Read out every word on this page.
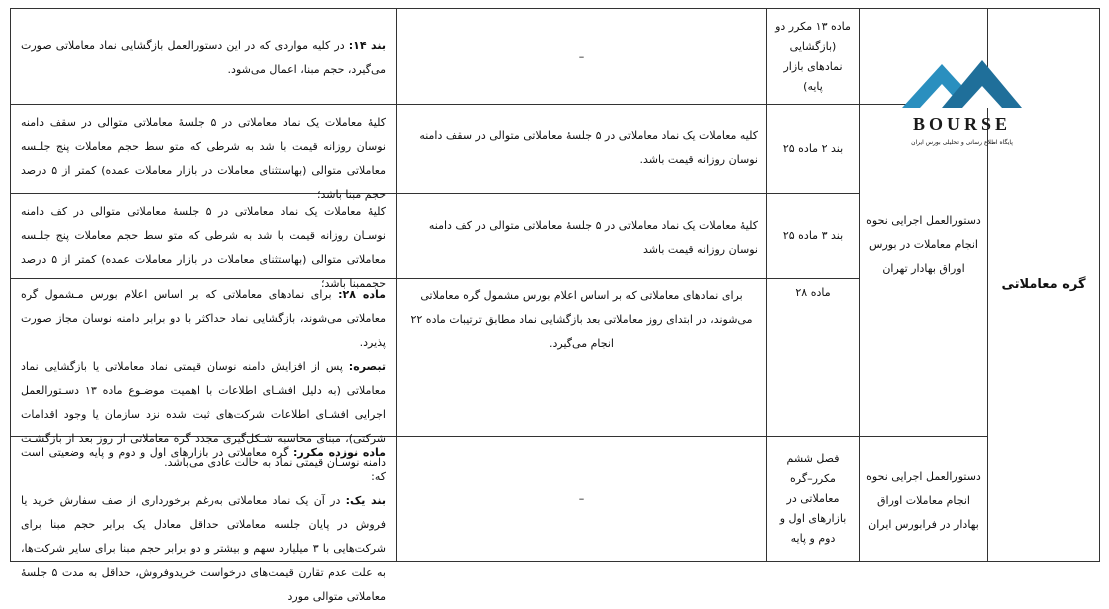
گره معاملاتی
BOURSE
پایگاه اطلاع رسانی و تحلیلی بورس ایران
دستورالعمل اجرایی نحوه انجام معاملات در بورس اوراق بهادار تهران
دستورالعمل اجرایی نحوه انجام معاملات اوراق بهادار در فرابورس ایران
ماده ۱۳ مکرر دو (بازگشایی نمادهای بازار پایه)
–

بند ۱۴: در کلیه مواردی که در این دستورالعمل بازگشایی نماد معاملاتی صورت می‌گیرد، حجم مبنا، اعمال می‌شود.

بند ۲ ماده ۲۵
کلیه معاملات یک نماد معاملاتی در ۵ جلسۀ معاملاتی متوالی در سقف دامنه نوسان روزانه قیمت باشد.
کلیهٔ معاملات یک نماد معاملاتی در ۵ جلسۀ معاملاتی متوالی در سقف دامنه نوسان روزانه قیمت با شد به شرطی که متو سط حجم معاملات پنج جلـسه معاملاتی متوالی (بهاستثنای معاملات در بازار معاملات عمده) کمتر از ۵ درصد حجم مبنا باشد؛
بند ۳ ماده ۲۵
کلیهٔ معاملات یک نماد معاملاتی در ۵ جلسۀ معاملاتی متوالی در کف دامنه نوسان روزانه قیمت باشد
کلیهٔ معاملات یک نماد معاملاتی در ۵ جلسۀ معاملاتی متوالی در کف دامنه نوسـان روزانه قیمت با شد به شرطی که متو سط حجم معاملات پنج جلـسه معاملاتی متوالی (بهاستثنای معاملات در بازار معاملات عمده) کمتر از ۵ درصد حجممبنا باشد؛
ماده ۲۸
برای نمادهای معاملاتی که بر اساس اعلام بورس مشمول گره معاملاتی می‌شوند، در ابتدای روز معاملاتی بعد بازگشایی نماد مطابق ترتیبات ماده ۲۲ انجام می‌گیرد.

ماده ۲۸: برای نمادهای معاملاتی که بر اساس اعلام بورس مـشمول گره معاملاتی می‌شوند، بازگشایی نماد حداکثر با دو برابر دامنه نوسان مجاز صورت پذیرد.

تبصره: پس از افزایش دامنه نوسان قیمتی نماد معاملاتی یا بازگشایی نماد معاملاتی (به دلیل افشـای اطلاعات با اهمیت موضـوع ماده ۱۳ دسـتورالعمل اجرایی افشـای اطلاعات شرکت‌های ثبت شده نزد سازمان یا وجود اقدامات شرکتی)، مبنای محاسبه شـکل‌گیری مجدد گره معاملاتی از روز بعد از بازگشـت دامنه نوسـان قیمتی نماد به حالت عادی می‌باشد.	فصل ششم مکرر–گره معاملاتی در بازارهای اول و دوم و پایه
–

ماده نوزده مکرر: گره معاملاتی در بازارهای اول و دوم و پایه وضعیتی است که:

بند یک: در آن یک نماد معاملاتی به‌رغم برخورداری از صف سفارش خرید یا فروش در پایان جلسه معاملاتی حداقل معادل یک برابر حجم مبنا برای شرکت‌هایی با ۳ میلیارد سهم و بیشتر و دو برابر حجم مبنا برای سایر شرکت‌ها، به علت عدم تقارن قیمت‌های درخواست خریدوفروش، حداقل به مدت ۵ جلسهٔ معاملاتی متوالی مورد
